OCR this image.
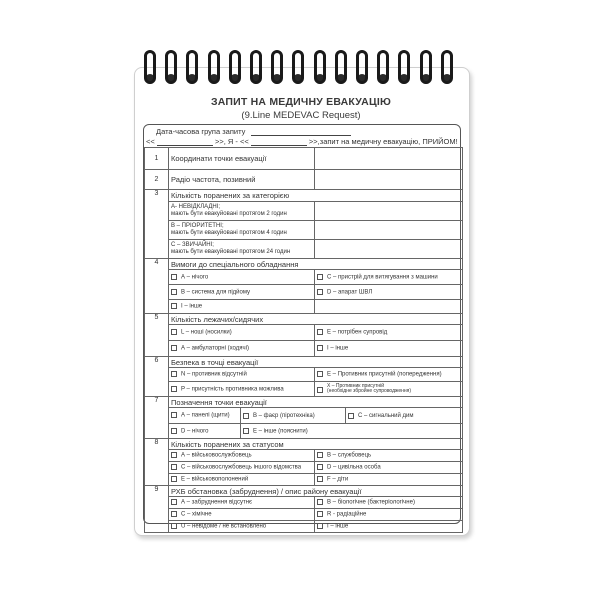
ЗАПИТ НА МЕДИЧНУ ЕВАКУАЦІЮ
(9.Line MEDEVAC Request)
Дата-часова група запиту
<<	>>, Я - <<	>>,запит на медичну евакуацію, ПРИЙОМ!
1	Координати точки евакуації		
2	Радіо частота, позивний		
3	Кількість поранених за категорією		
	А- НЕВІДКЛАДНІ;
мають бути евакуйовані протягом 2 годин		
	В – ПРІОРИТЕТНІ;
мають бути евакуйовані протягом 4 годин		
	С – ЗВИЧАЙНІ;
мають бути евакуйовані протягом 24 годин		
4	Вимоги до спеціального обладнання		
	А – нічого		С – пристрій для витягування з машини
	В – система для підйому		D – апарат ШВЛ
	I – інше		
5	Кількість лежачих/сидячих		
	L – ноші (носилки)		Е – потрібен супровід
	А – амбулаторні (ходячі)		I – інше
6	Безпека в точці евакуації		
	N – противник відсутній		Е – Противник присутній (попередження)
	P – присутність противника можлива		Х – Противник присутній
(необхідне збройне супроводження)
7	Позначення точки евакуації		
	А – панелі (щити)	В – фаєр (піротехніка) С – сигнальний дим	

	D – нічого	Е – інше (пояснити)	
8	Кількість поранених за статусом		
	А – військовослужбовець		В – службовець
	С – військовослужбовець іншого відомства		D – цивільна особа
	Е – військовополонений		F – діти
9	РХБ обстановка (забруднення) / опис району евакуації		
	А – забруднення відсутнє		В – біологічне (бактеріологічне)
	С – хімічне		R - радіаційне
	U – невідоме / не встановлено		I – інше
